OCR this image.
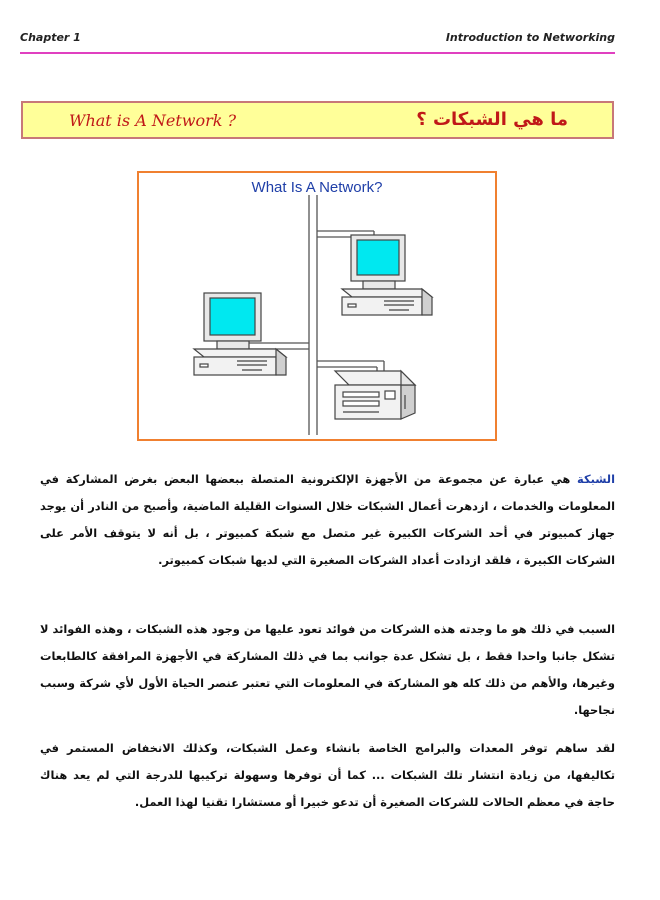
Chapter 1	Introduction to Networking
What is A Network ?	ما هي الشبكات ؟
What Is A Network?
الشبكة هي عبارة عن مجموعة من الأجهزة الإلكترونية المتصلة ببعضها البعض بغرض المشاركة في المعلومات والخدمات ، ازدهرت أعمال الشبكات خلال السنوات القليلة الماضية، وأصبح من النادر أن يوجد جهاز كمبيوتر في أحد الشركات الكبيرة غير متصل مع شبكة كمبيوتر ، بل أنه لا يتوقف الأمر على الشركات الكبيرة ، فلقد ازدادت أعداد الشركات الصغيرة التي لديها شبكات كمبيوتر.
السبب في ذلك هو ما وجدته هذه الشركات من فوائد تعود عليها من وجود هذه الشبكات ، وهذه الفوائد لا تشكل جانبا واحدا فقط ، بل تشكل عدة جوانب بما في ذلك المشاركة في الأجهزة المرافقة كالطابعات وغيرها، والأهم من ذلك كله هو المشاركة في المعلومات التي تعتبر عنصر الحياة الأول لأي شركة وسبب نجاحها.
لقد ساهم توفر المعدات والبرامج الخاصة بانشاء وعمل الشبكات، وكذلك الانخفاض المستمر في تكاليفها، من زيادة انتشار تلك الشبكات ... كما أن توفرها وسهولة تركيبها للدرجة التي لم يعد هناك حاجة في معظم الحالات للشركات الصغيرة أن تدعو خبيرا أو مستشارا تقنيا لهذا العمل.
